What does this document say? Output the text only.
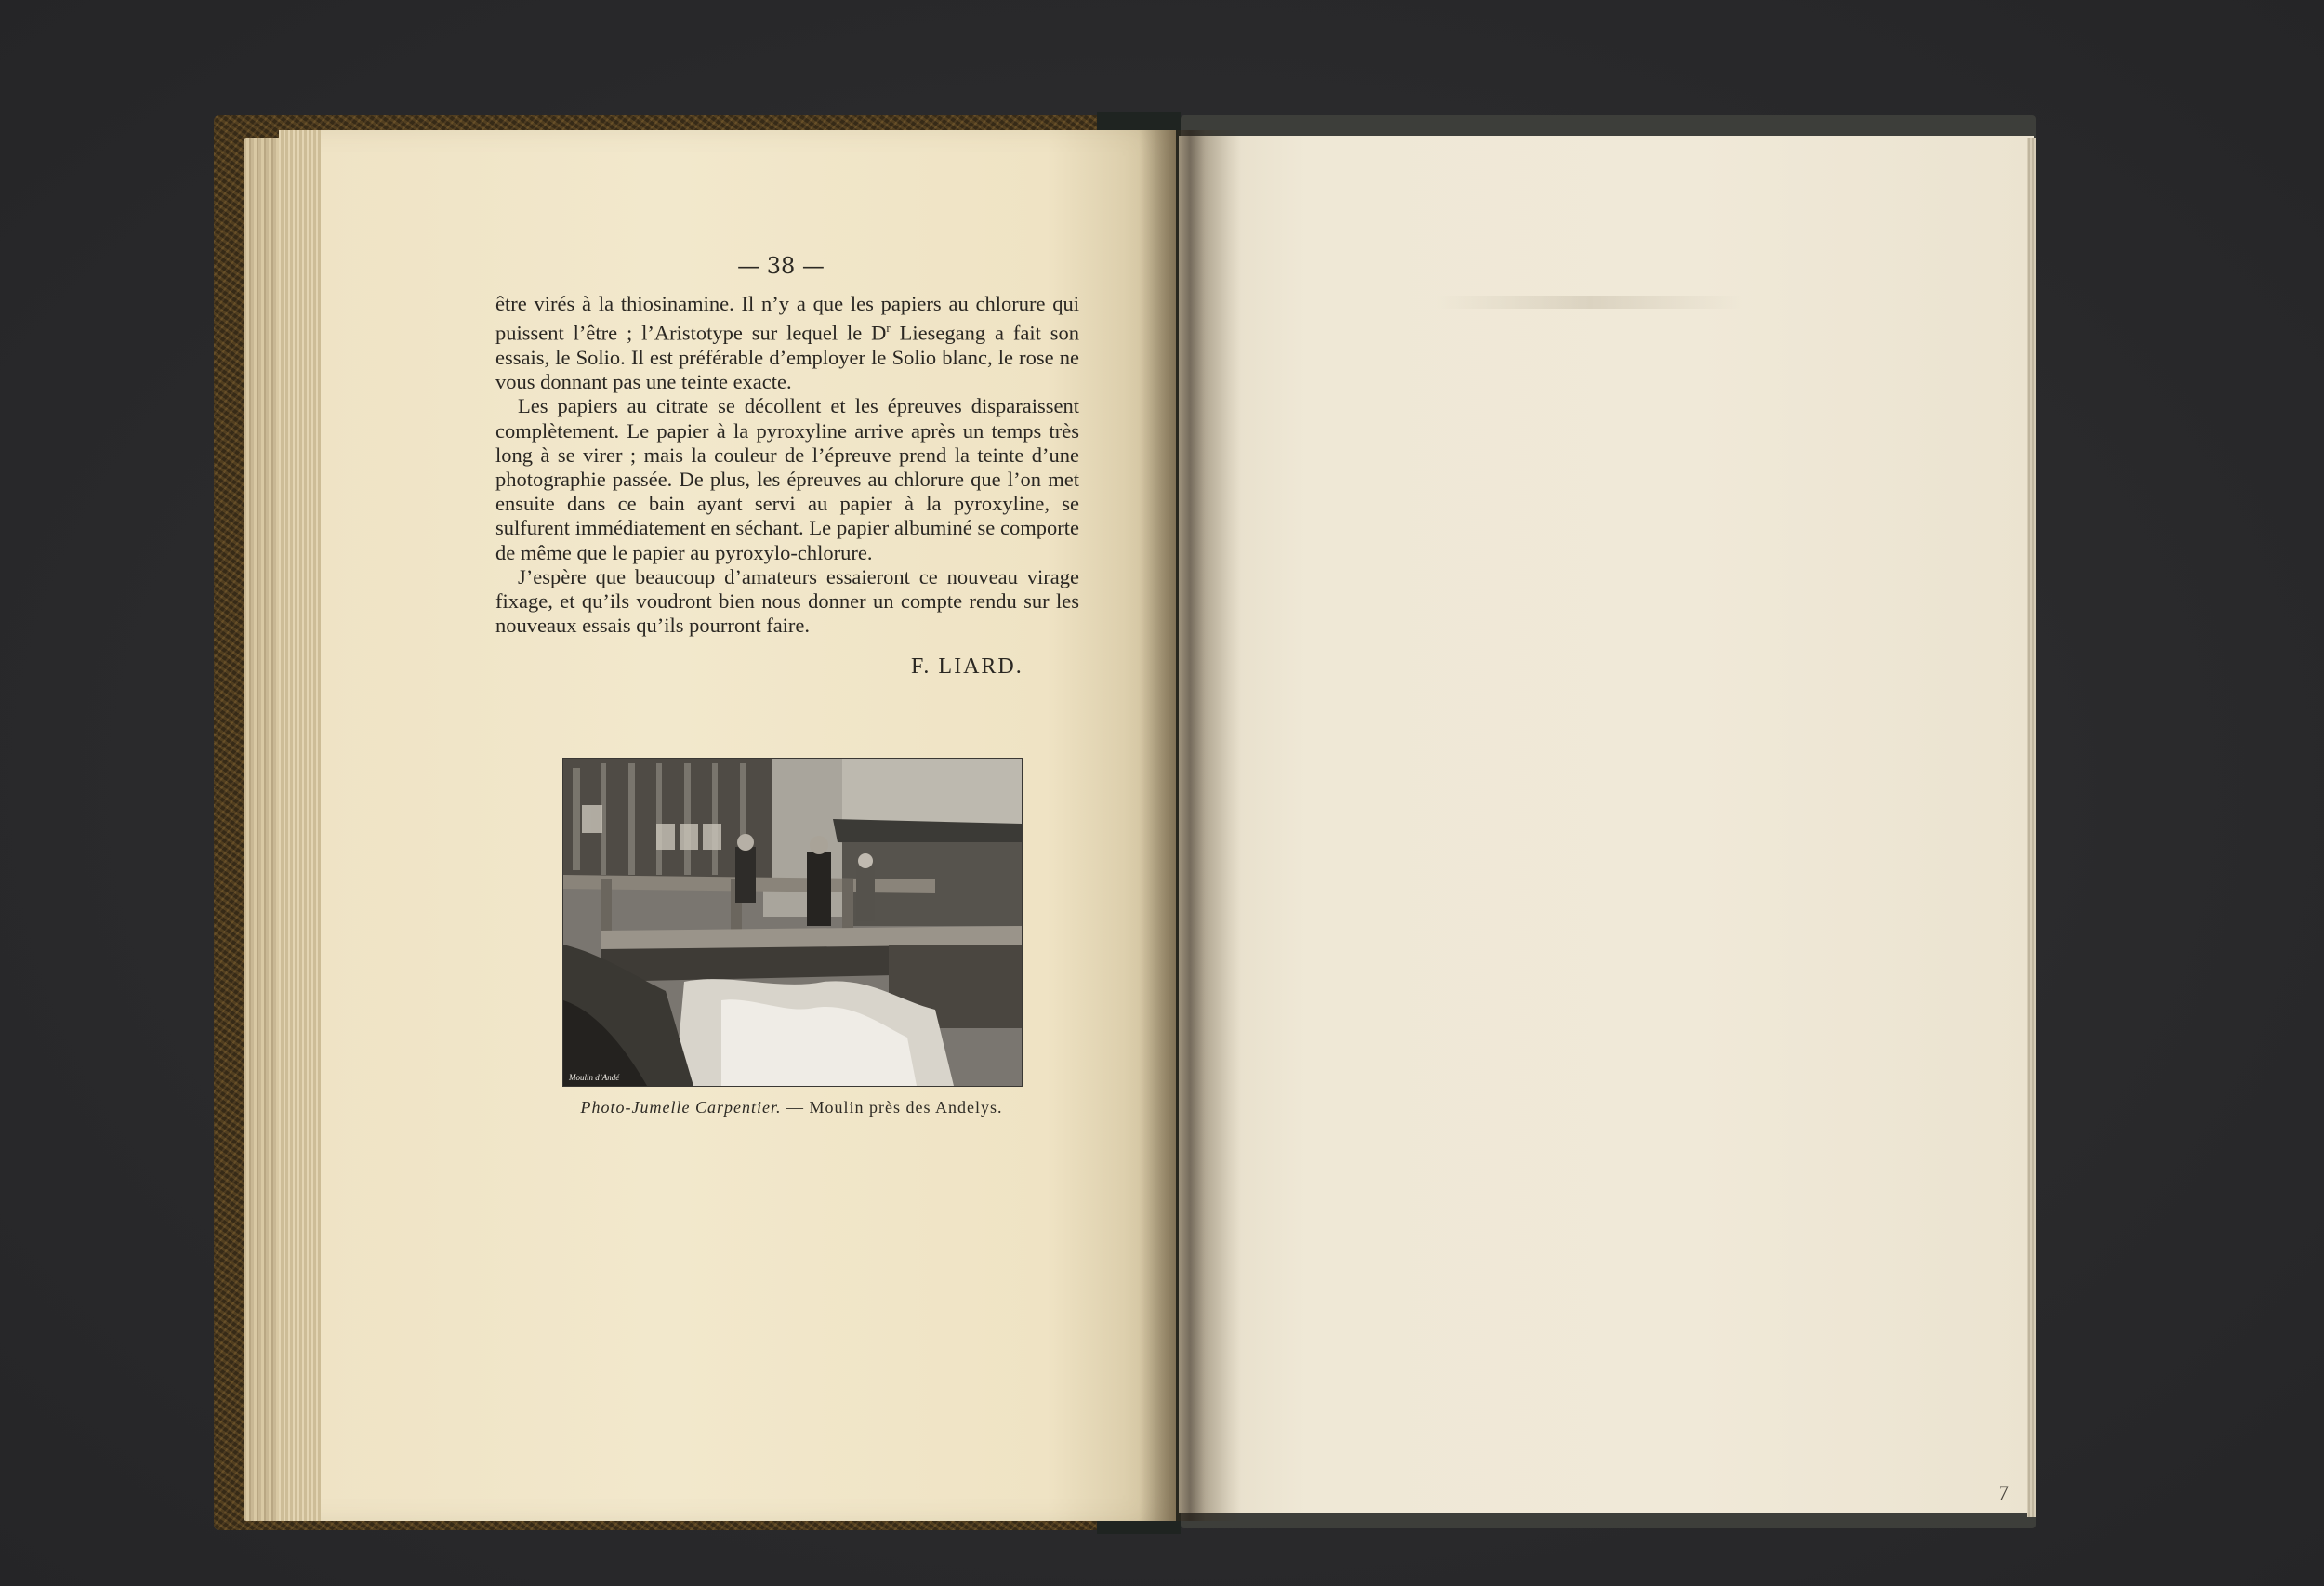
— 38 —

être virés à la thiosinamine. Il n’y a que les papiers au chlorure qui puissent l’être ; l’Aristotype sur lequel le $D^r$ Liesegang a fait son essais, le Solio. Il est préférable d’employer le Solio blanc, le rose ne vous donnant pas une teinte exacte.

Les papiers au citrate se décollent et les épreuves disparaissent complètement. Le papier à la pyroxyline arrive après un temps très long à se virer ; mais la couleur de l’épreuve prend la teinte d’une photographie passée. De plus, les épreuves au chlorure que l’on met ensuite dans ce bain ayant servi au papier à la pyroxyline, se sulfurent immédiatement en séchant. Le papier albuminé se comporte de même que le papier au pyroxylo-chlorure.

J’espère que beaucoup d’amateurs essaieront ce nouveau virage fixage, et qu’ils voudront bien nous donner un compte rendu sur les nouveaux essais qu’ils pourront faire.

F. LIARD.
Moulin d’Andé
Photo-Jumelle Carpentier. — Moulin près des Andelys.
7
